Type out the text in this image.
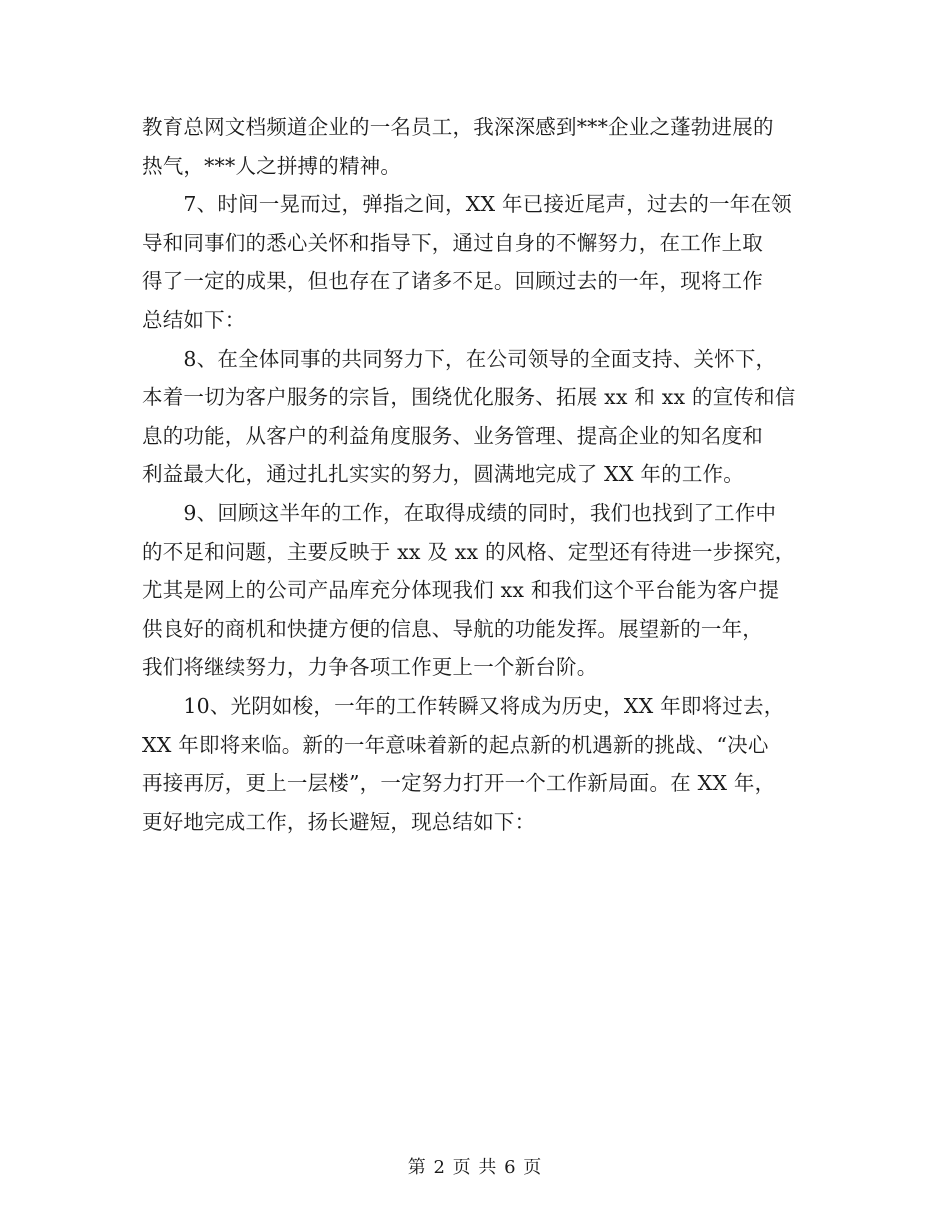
教育总网文档频道企业的一名员工，我深深感到***企业之蓬勃进展的
热气，***人之拼搏的精神。

　　7、时间一晃而过，弹指之间，XX 年已接近尾声，过去的一年在领
导和同事们的悉心关怀和指导下，通过自身的不懈努力，在工作上取
得了一定的成果，但也存在了诸多不足。回顾过去的一年，现将工作
总结如下：

　　8、在全体同事的共同努力下，在公司领导的全面支持、关怀下，
本着一切为客户服务的宗旨，围绕优化服务、拓展 xx 和 xx 的宣传和信
息的功能，从客户的利益角度服务、业务管理、提高企业的知名度和
利益最大化，通过扎扎实实的努力，圆满地完成了 XX 年的工作。

　　9、回顾这半年的工作，在取得成绩的同时，我们也找到了工作中
的不足和问题，主要反映于 xx 及 xx 的风格、定型还有待进一步探究，
尤其是网上的公司产品库充分体现我们 xx 和我们这个平台能为客户提
供良好的商机和快捷方便的信息、导航的功能发挥。展望新的一年，
我们将继续努力，力争各项工作更上一个新台阶。

　　10、光阴如梭，一年的工作转瞬又将成为历史，XX 年即将过去，
XX 年即将来临。新的一年意味着新的起点新的机遇新的挑战、“决心
再接再厉，更上一层楼”，一定努力打开一个工作新局面。在 XX 年，
更好地完成工作，扬长避短，现总结如下：

第 2 页 共 6 页
